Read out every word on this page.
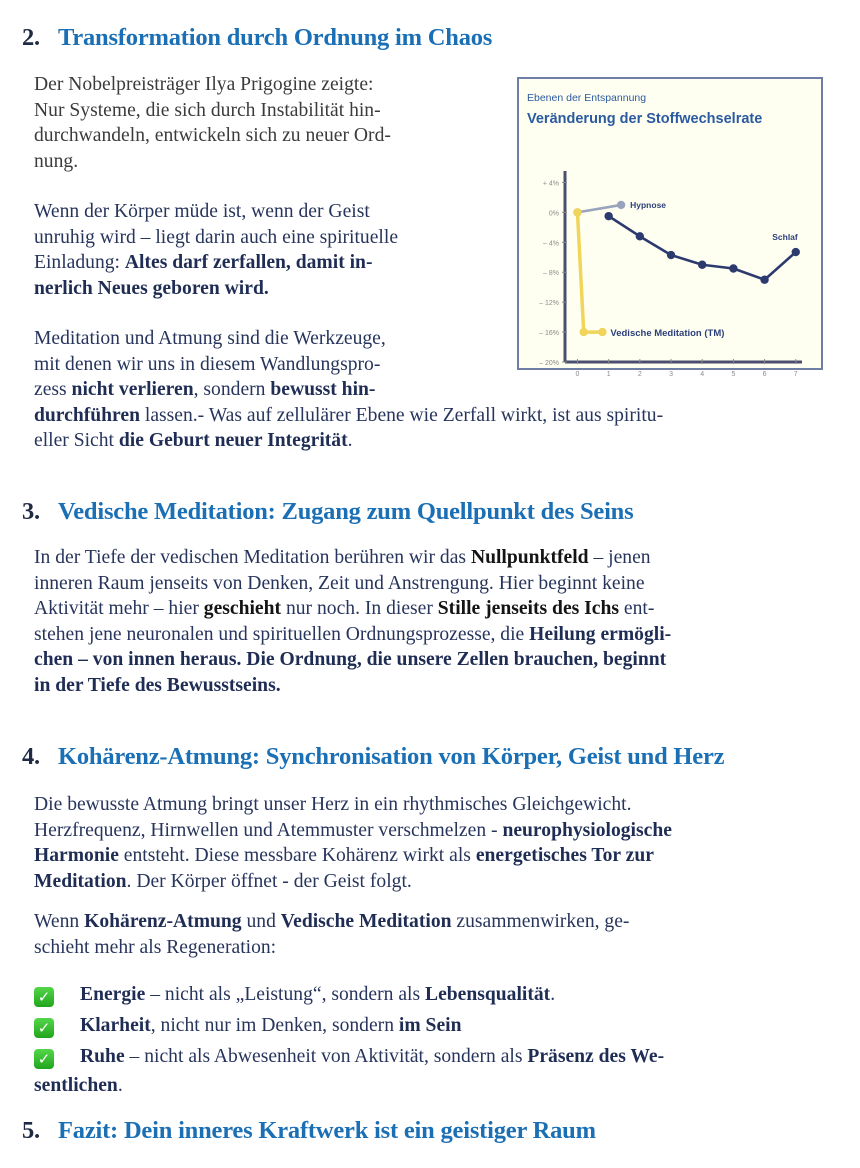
2. Transformation durch Ordnung im Chaos
Der Nobelpreisträger Ilya Prigogine zeigte:
Nur Systeme, die sich durch Instabilität hin-
durchwandeln, entwickeln sich zu neuer Ord-
nung.
Wenn der Körper müde ist, wenn der Geist
unruhig wird – liegt darin auch eine spirituelle
Einladung: Altes darf zerfallen, damit in-
nerlich Neues geboren wird.
Meditation und Atmung sind die Werkzeuge,
mit denen wir uns in diesem Wandlungspro-
zess nicht verlieren, sondern bewusst hin-
durchführen lassen.- Was auf zellulärer Ebene wie Zerfall wirkt, ist aus spiritu-
eller Sicht die Geburt neuer Integrität.
Ebenen der Entspannung
Veränderung der Stoffwechselrate
+ 4%
0%
– 4%
– 8%
– 12%
– 16%
– 20%
0	1	2	3	4	5	6	7
Hypnose
Schlaf
Vedische Meditation (TM)
3. Vedische Meditation: Zugang zum Quellpunkt des Seins
In der Tiefe der vedischen Meditation berühren wir das Nullpunktfeld – jenen
inneren Raum jenseits von Denken, Zeit und Anstrengung. Hier beginnt keine
Aktivität mehr – hier geschieht nur noch. In dieser Stille jenseits des Ichs ent-
stehen jene neuronalen und spirituellen Ordnungsprozesse, die Heilung ermögli-
chen – von innen heraus. Die Ordnung, die unsere Zellen brauchen, beginnt
in der Tiefe des Bewusstseins.
4. Kohärenz-Atmung: Synchronisation von Körper, Geist und Herz
Die bewusste Atmung bringt unser Herz in ein rhythmisches Gleichgewicht.
Herzfrequenz, Hirnwellen und Atemmuster verschmelzen - neurophysiologische
Harmonie entsteht. Diese messbare Kohärenz wirkt als energetisches Tor zur
Meditation. Der Körper öffnet - der Geist folgt.
Wenn Kohärenz-Atmung und Vedische Meditation zusammenwirken, ge-
schieht mehr als Regeneration:
✓ Energie – nicht als „Leistung“, sondern als Lebensqualität.
✓ Klarheit, nicht nur im Denken, sondern im Sein
✓ Ruhe – nicht als Abwesenheit von Aktivität, sondern als Präsenz des We-
sentlichen.
5. Fazit: Dein inneres Kraftwerk ist ein geistiger Raum
